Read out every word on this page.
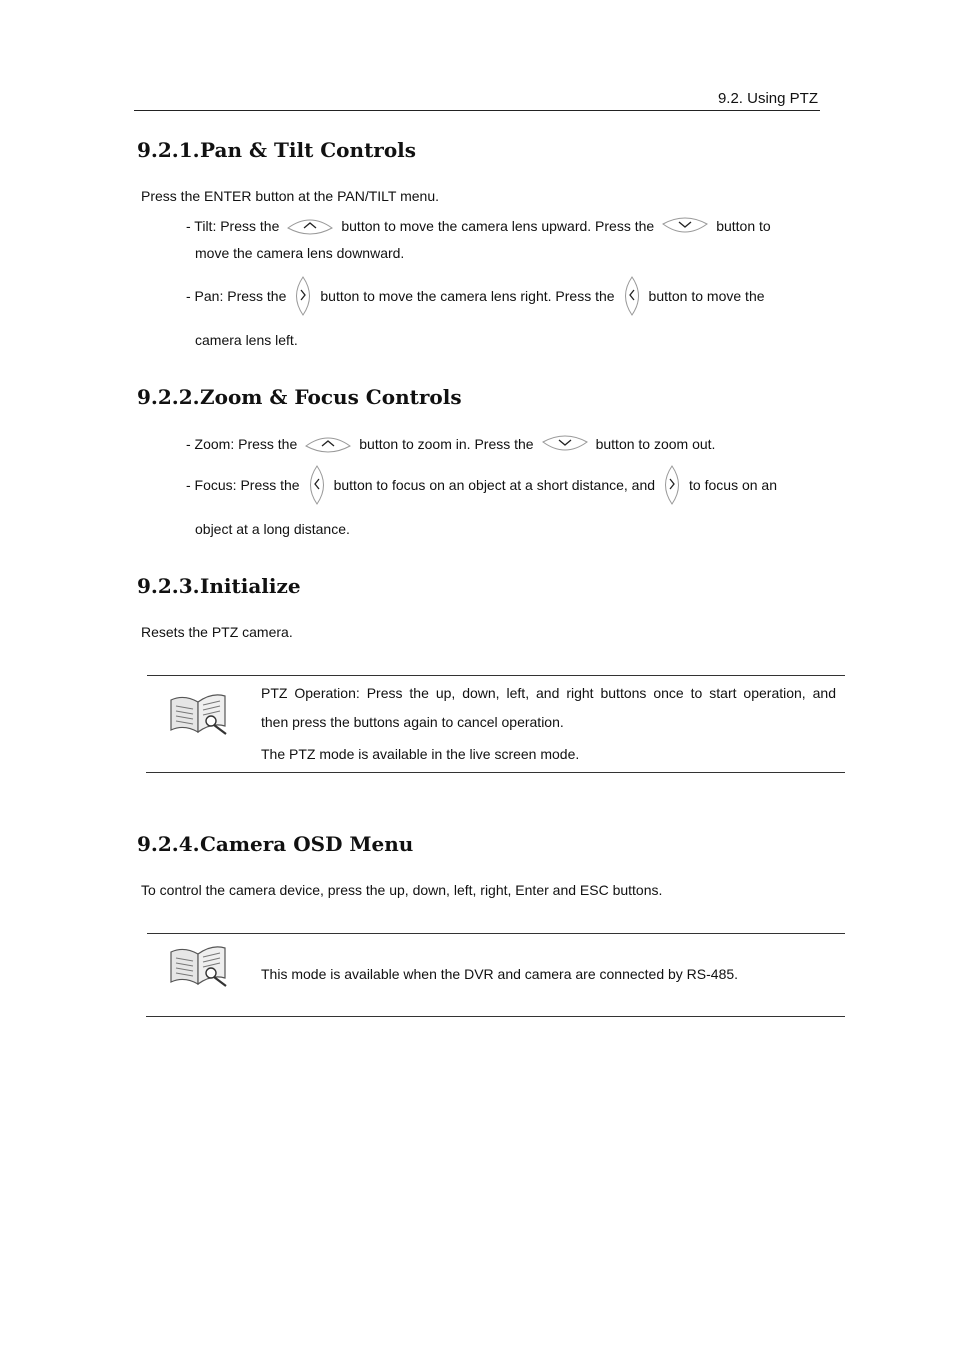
9.2. Using PTZ
9.2.1.Pan & Tilt Controls
Press the ENTER button at the PAN/TILT menu.
- Tilt: Press the	button to move the camera lens upward. Press the	button to
move the camera lens downward.
- Pan: Press the button to move the camera lens right. Press the button to move the
camera lens left.
9.2.2.Zoom & Focus Controls
- Zoom: Press the	button to zoom in. Press the	button to zoom out.
- Focus: Press the button to focus on an object at a short distance, and to focus on an
object at a long distance.
9.2.3.Initialize
Resets the PTZ camera.
PTZ Operation: Press the up, down, left, and right buttons once to start operation, and
then press the buttons again to cancel operation.
The PTZ mode is available in the live screen mode.
9.2.4.Camera OSD Menu
To control the camera device, press the up, down, left, right, Enter and ESC buttons.
This mode is available when the DVR and camera are connected by RS-485.
